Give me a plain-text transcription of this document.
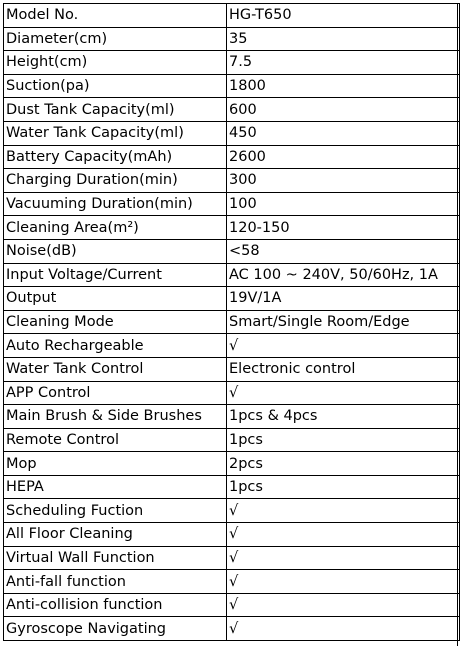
Model No.	HG-T650
Diameter(cm)	35
Height(cm)	7.5
Suction(pa)	1800
Dust Tank Capacity(ml)	600
Water Tank Capacity(ml)	450
Battery Capacity(mAh)	2600
Charging Duration(min)	300
Vacuuming Duration(min)	100
Cleaning Area(m²)	120-150
Noise(dB)	<58
Input Voltage/Current	AC 100 ~ 240V, 50/60Hz, 1A
Output	19V/1A
Cleaning Mode	Smart/Single Room/Edge
Auto Rechargeable	√
Water Tank Control	Electronic control
APP Control	√
Main Brush & Side Brushes	1pcs & 4pcs
Remote Control	1pcs
Mop	2pcs
HEPA	1pcs
Scheduling Fuction	√
All Floor Cleaning	√
Virtual Wall Function	√
Anti-fall function	√
Anti-collision function	√
Gyroscope Navigating	√
